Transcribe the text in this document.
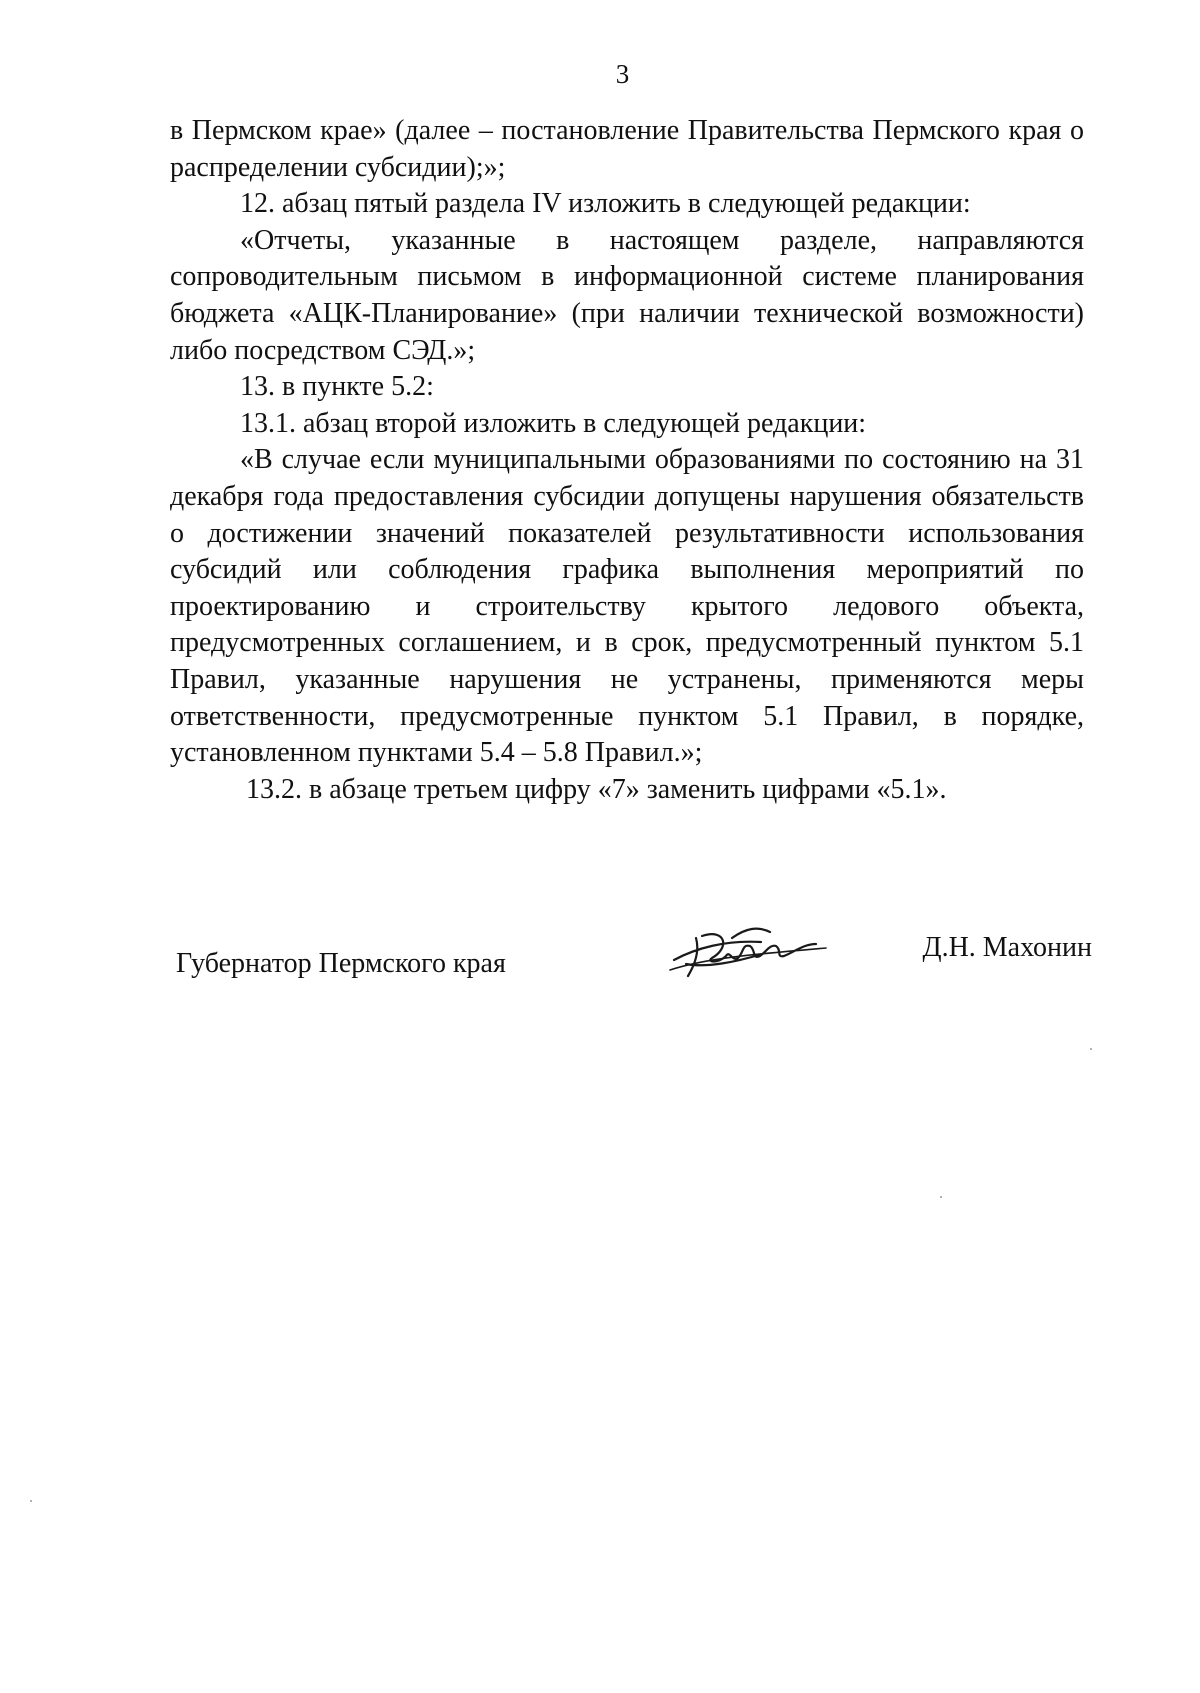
3

в Пермском крае» (далее – постановление Правительства Пермского края о распределении субсидии);»;

12. абзац пятый раздела IV изложить в следующей редакции:

«Отчеты, указанные в настоящем разделе, направляются сопроводительным письмом в информационной системе планирования бюджета «АЦК-Планирование» (при наличии технической возможности) либо посредством СЭД.»;

13. в пункте 5.2:

13.1. абзац второй изложить в следующей редакции:

«В случае если муниципальными образованиями по состоянию на 31 декабря года предоставления субсидии допущены нарушения обязательств о достижении значений показателей результативности использования субсидий или соблюдения графика выполнения мероприятий по проектированию и строительству крытого ледового объекта, предусмотренных соглашением, и в срок, предусмотренный пунктом 5.1 Правил, указанные нарушения не устранены, применяются меры ответственности, предусмотренные пунктом 5.1 Правил, в порядке, установленном пунктами 5.4 – 5.8 Правил.»;

13.2. в абзаце третьем цифру «7» заменить цифрами «5.1».

Губернатор Пермского края
Д.Н. Махонин
